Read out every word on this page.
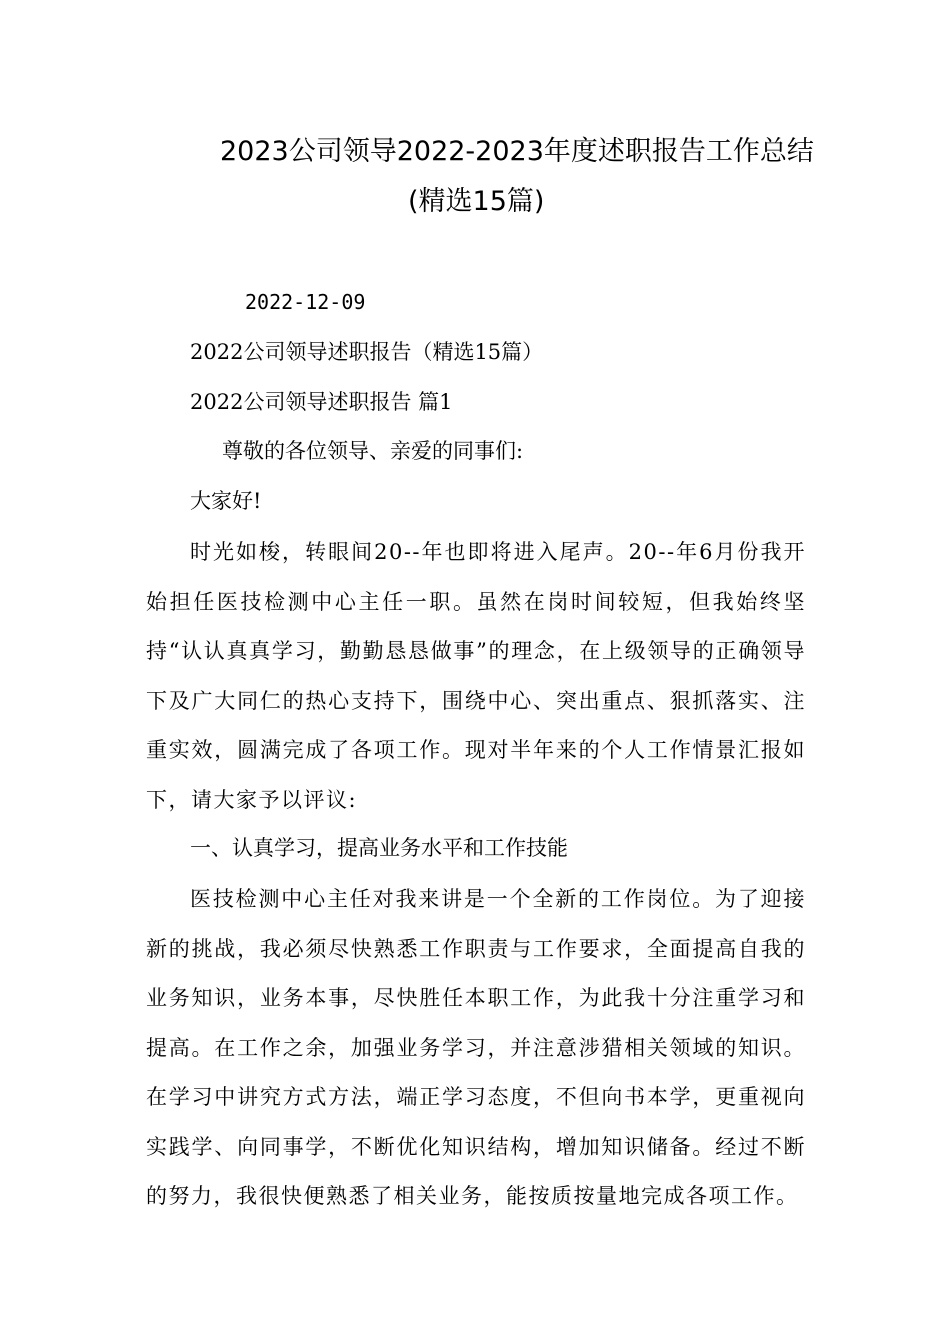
2023公司领导2022-2023年度述职报告工作总结
(精选15篇)
2022-12-09
2022公司领导述职报告（精选15篇）
2022公司领导述职报告 篇1
尊敬的各位领导、亲爱的同事们:
大家好!

时光如梭，转眼间20--年也即将进入尾声。20--年6月份我开始担任医技检测中心主任一职。虽然在岗时间较短，但我始终坚持“认认真真学习，勤勤恳恳做事”的理念，在上级领导的正确领导下及广大同仁的热心支持下，围绕中心、突出重点、狠抓落实、注重实效，圆满完成了各项工作。现对半年来的个人工作情景汇报如下，请大家予以评议:

一、认真学习，提高业务水平和工作技能

医技检测中心主任对我来讲是一个全新的工作岗位。为了迎接新的挑战，我必须尽快熟悉工作职责与工作要求，全面提高自我的业务知识，业务本事，尽快胜任本职工作，为此我十分注重学习和提高。在工作之余，加强业务学习，并注意涉猎相关领域的知识。在学习中讲究方式方法，端正学习态度，不但向书本学，更重视向实践学、向同事学，不断优化知识结构，增加知识储备。经过不断的努力，我很快便熟悉了相关业务，能按质按量地完成各项工作。
